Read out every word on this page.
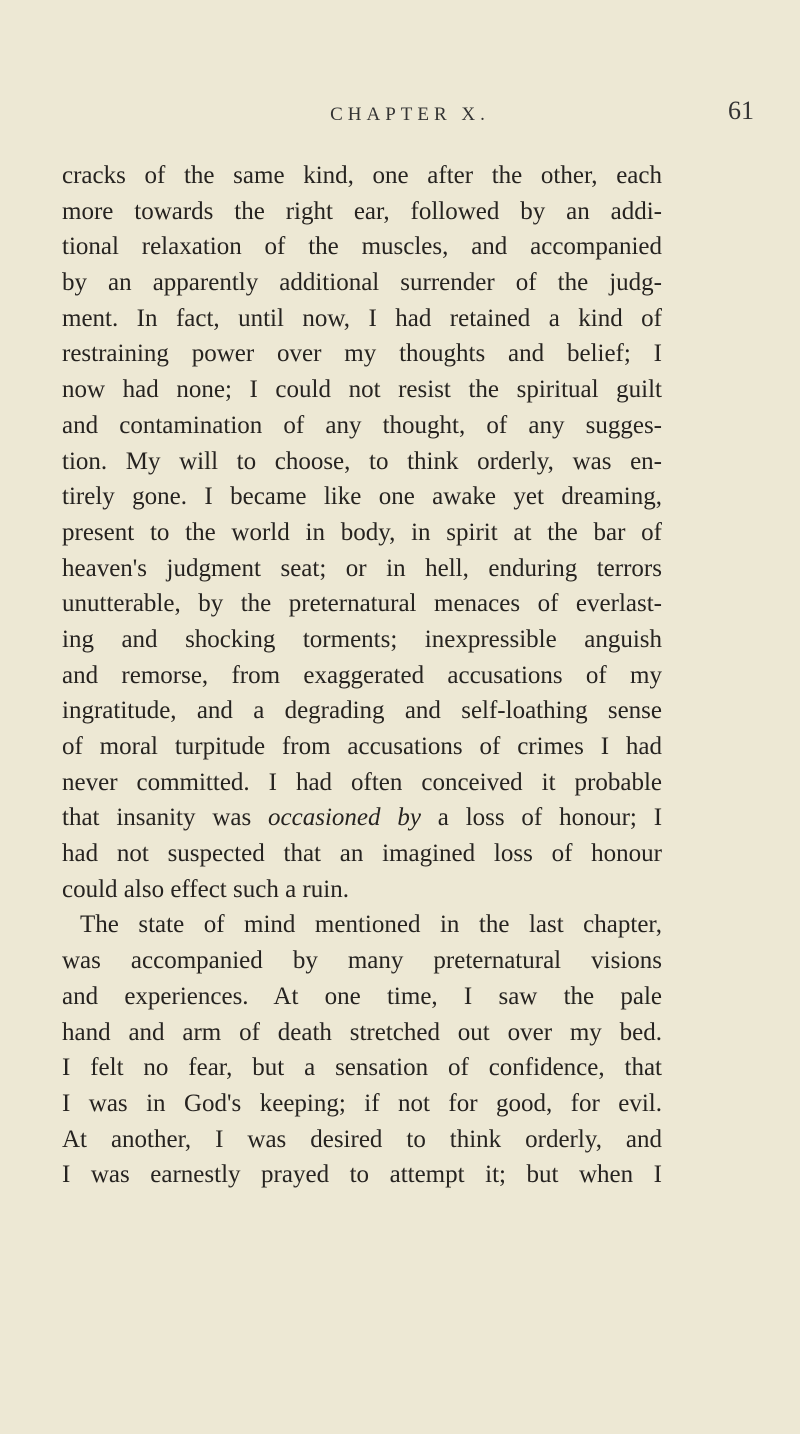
CHAPTER X.	61
cracks of the same kind, one after the other, each
more towards the right ear, followed by an addi-
tional relaxation of the muscles, and accompanied
by an apparently additional surrender of the judg-
ment. In fact, until now, I had retained a kind of
restraining power over my thoughts and belief; I
now had none; I could not resist the spiritual guilt
and contamination of any thought, of any sugges-
tion. My will to choose, to think orderly, was en-
tirely gone. I became like one awake yet dreaming,
present to the world in body, in spirit at the bar of
heaven's judgment seat; or in hell, enduring terrors
unutterable, by the preternatural menaces of everlast-
ing and shocking torments; inexpressible anguish
and remorse, from exaggerated accusations of my
ingratitude, and a degrading and self-loathing sense
of moral turpitude from accusations of crimes I had
never committed. I had often conceived it probable
that insanity was occasioned by a loss of honour; I
had not suspected that an imagined loss of honour
could also effect such a ruin.
The state of mind mentioned in the last chapter,
was accompanied by many preternatural visions
and experiences. At one time, I saw the pale
hand and arm of death stretched out over my bed.
I felt no fear, but a sensation of confidence, that
I was in God's keeping; if not for good, for evil.
At another, I was desired to think orderly, and
I was earnestly prayed to attempt it; but when I
